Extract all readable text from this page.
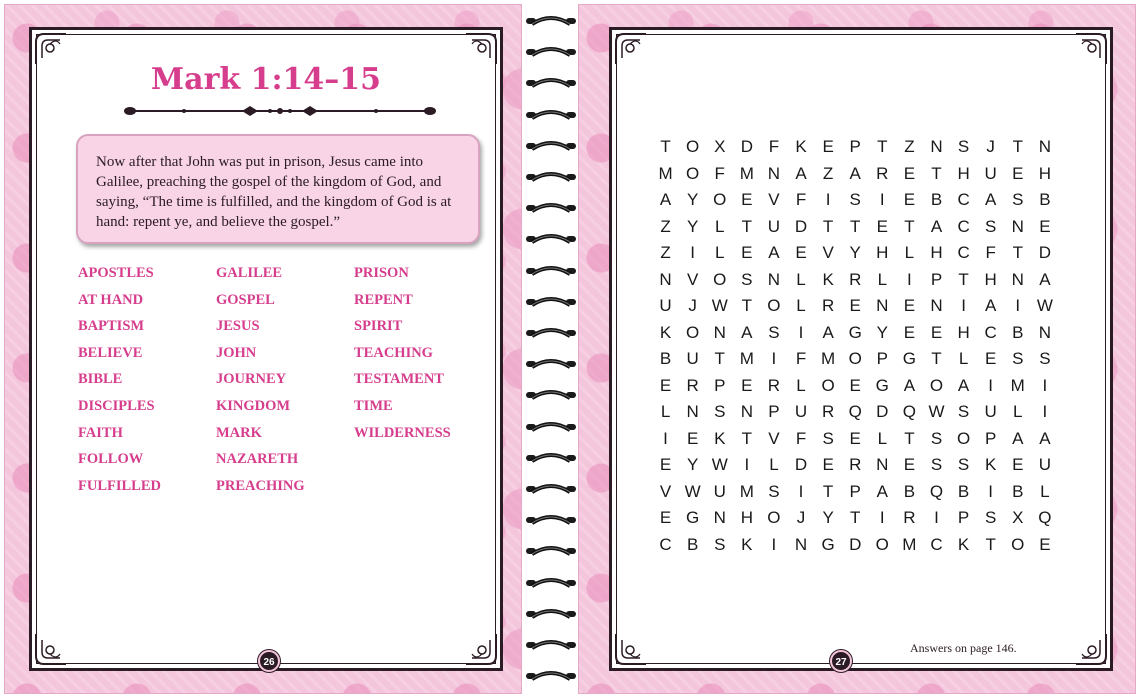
Mark 1:14–15
Now after that John was put in prison, Jesus came into Galilee, preaching the gospel of the kingdom of God, and saying, “The time is fulfilled, and the kingdom of God is at hand: repent ye, and believe the gospel.”
APOSTLES
AT HAND
BAPTISM
BELIEVE
BIBLE
DISCIPLES
FAITH
FOLLOW
FULFILLED
GALILEE
GOSPEL
JESUS
JOHN
JOURNEY
KINGDOM
MARK
NAZARETH
PREACHING
PRISON
REPENT
SPIRIT
TEACHING
TESTAMENT
TIME
WILDERNESS
26
T O X D F K E P T Z N S	J	T N
M O F M N A Z A R E T H U E H
A Y O E V F	I	S	I	E B C A S B
Z Y L	T U D T T E T A C S N E
Z	I	L E A E V Y H L H C F T D
N V O S N L K R L	I	P T H N A
U J W T O L R E N E N	I	A	I W
K O N A S	I	A G Y E E H C B N
B U T M	I	F M O P G T	L E S S
E R P E R L O E G A O A	I	M	I
L N S N P U R Q D Q W S U L	I
I	E K T V F S E L	T S O P A A
E Y W I	L D E R N E S S K E U
V W U M S	I	T P A B Q B	I	B L
E G N H O J	Y T	I	R	I	P S X Q
C B S K	I	N G D O M C K T O E
27
Answers on page 146.
